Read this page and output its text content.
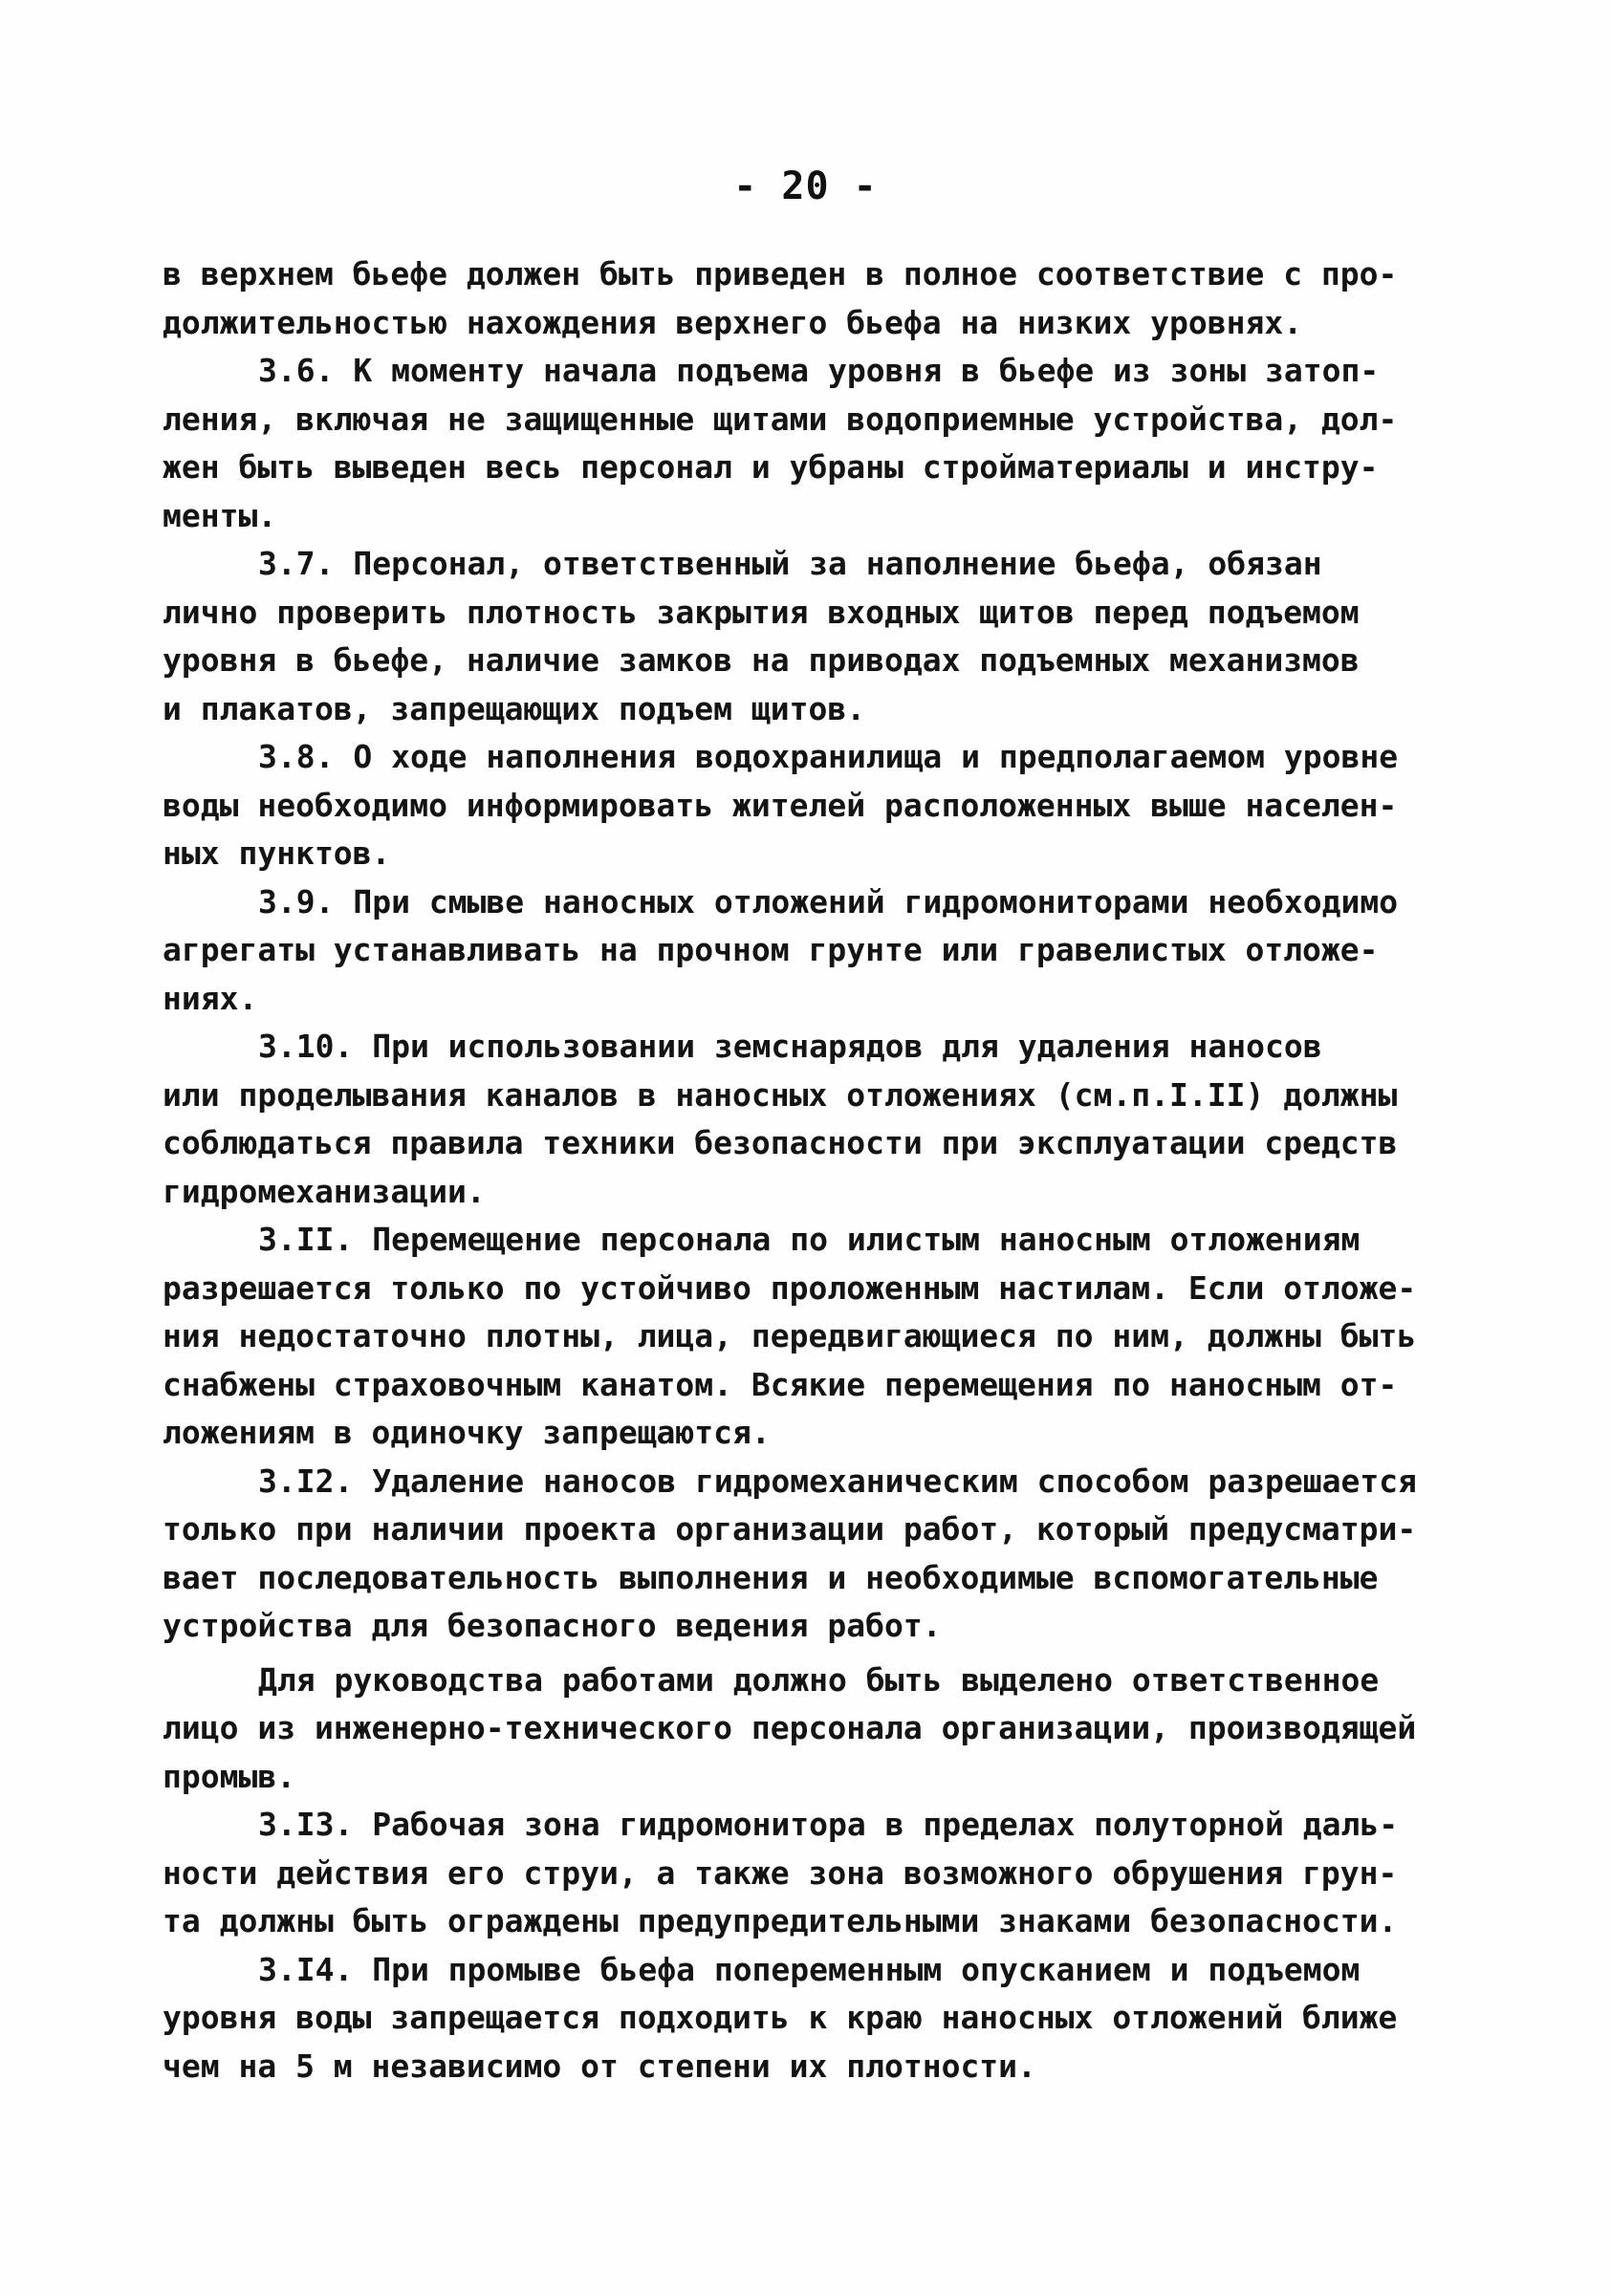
- 20 -
в верхнем бьефе должен быть приведен в полное соответствие с про-
должительностью нахождения верхнего бьефа на низких уровнях.
3.6. К моменту начала подъема уровня в бьефе из зоны затоп-
ления, включая не защищенные щитами водоприемные устройства, дол-
жен быть выведен весь персонал и убраны стройматериалы и инстру-
менты.
3.7. Персонал, ответственный за наполнение бьефа, обязан
лично проверить плотность закрытия входных щитов перед подъемом
уровня в бьефе, наличие замков на приводах подъемных механизмов
и плакатов, запрещающих подъем щитов.
3.8. О ходе наполнения водохранилища и предполагаемом уровне
воды необходимо информировать жителей расположенных выше населен-
ных пунктов.
3.9. При смыве наносных отложений гидромониторами необходимо
агрегаты устанавливать на прочном грунте или гравелистых отложе-
ниях.
3.10. При использовании земснарядов для удаления наносов
или проделывания каналов в наносных отложениях (см.п.I.II) должны
соблюдаться правила техники безопасности при эксплуатации средств
гидромеханизации.
3.II. Перемещение персонала по илистым наносным отложениям
разрешается только по устойчиво проложенным настилам. Если отложе-
ния недостаточно плотны, лица, передвигающиеся по ним, должны быть
снабжены страховочным канатом. Всякие перемещения по наносным от-
ложениям в одиночку запрещаются.
3.I2. Удаление наносов гидромеханическим способом разрешается
только при наличии проекта организации работ, который предусматри-
вает последовательность выполнения и необходимые вспомогательные
устройства для безопасного ведения работ.
Для руководства работами должно быть выделено ответственное
лицо из инженерно-технического персонала организации, производящей
промыв.
3.I3. Рабочая зона гидромонитора в пределах полуторной даль-
ности действия его струи, а также зона возможного обрушения грун-
та должны быть ограждены предупредительными знаками безопасности.
3.I4. При промыве бьефа попеременным опусканием и подъемом
уровня воды запрещается подходить к краю наносных отложений ближе
чем на 5 м независимо от степени их плотности.
